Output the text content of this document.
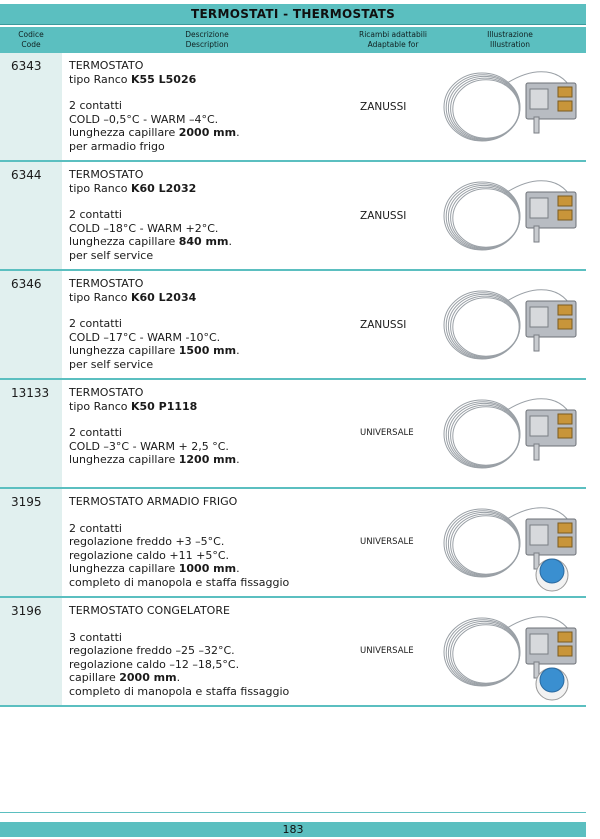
TERMOSTATI - THERMOSTATS
Codice
Code
Descrizione
Description
Ricambi adattabili
Adaptable for
Illustrazione
Illustration
6343 TERMOSTATO
tipo Ranco K55 L5026
2 contatti
COLD –0,5°C - WARM –4°C.
lunghezza capillare 2000 mm.
per armadio frigo
ZANUSSI
6344 TERMOSTATO
tipo Ranco K60 L2032
2 contatti
COLD –18°C - WARM +2°C.
lunghezza capillare 840 mm.
per self service
ZANUSSI
6346 TERMOSTATO
tipo Ranco K60 L2034
2 contatti
COLD –17°C - WARM -10°C.
lunghezza capillare 1500 mm.
per self service
ZANUSSI
13133 TERMOSTATO
tipo Ranco K50 P1118
2 contatti
COLD –3°C - WARM + 2,5 °C.
lunghezza capillare 1200 mm.
UNIVERSALE
3195 TERMOSTATO ARMADIO FRIGO
2 contatti
regolazione freddo +3 –5°C.
regolazione caldo +11 +5°C.
lunghezza capillare 1000 mm.
completo di manopola e staffa fissaggio
UNIVERSALE
3196 TERMOSTATO CONGELATORE
3 contatti
regolazione freddo –25 –32°C.
regolazione caldo –12 –18,5°C.
capillare 2000 mm.
completo di manopola e staffa fissaggio
UNIVERSALE
183
